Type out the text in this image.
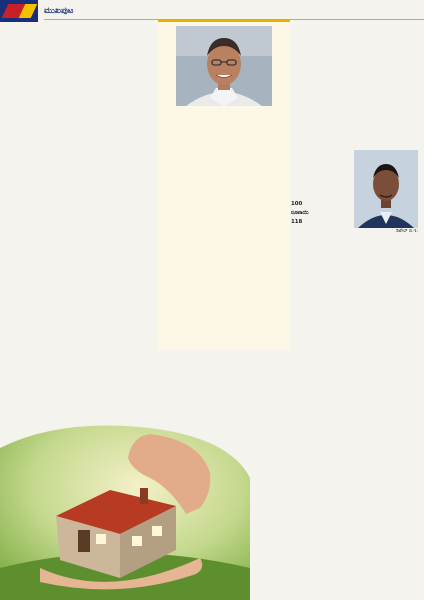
ಮುಖಪುಟ

100
ರೂಪಾಯಿ
118
ರಿಟೇಲ್ ಬಿ.ಇ.
